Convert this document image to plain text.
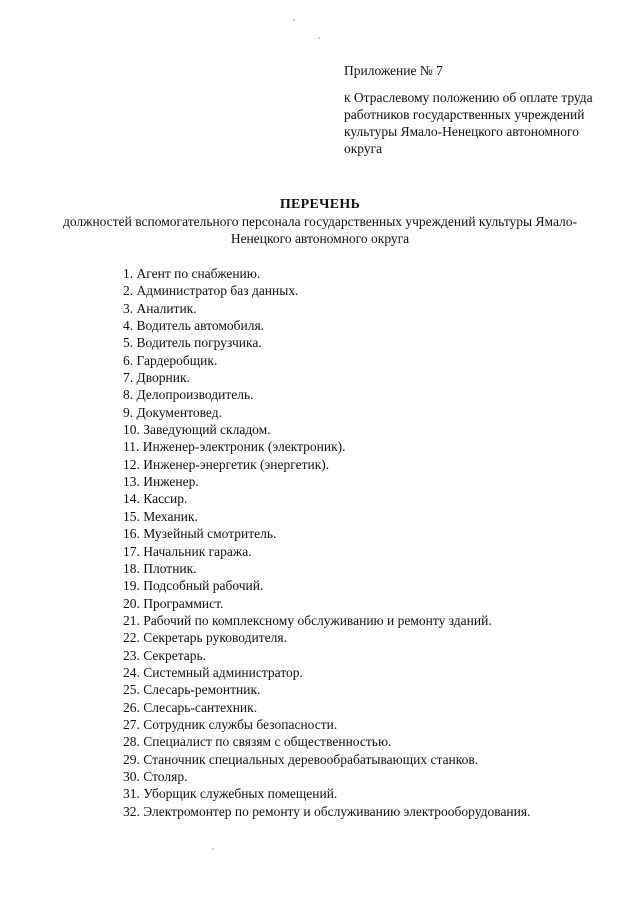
Приложение № 7

к Отраслевому положению об оплате труда работников государственных учреждений культуры Ямало-Ненецкого автономного округа

ПЕРЕЧЕНЬ
должностей вспомогательного персонала государственных учреждений культуры Ямало-Ненецкого автономного округа
1. Агент по снабжению.
2. Администратор баз данных.
3. Аналитик.
4. Водитель автомобиля.
5. Водитель погрузчика.
6. Гардеробщик.
7. Дворник.
8. Делопроизводитель.
9. Документовед.
10. Заведующий складом.
11. Инженер-электроник (электроник).
12. Инженер-энергетик (энергетик).
13. Инженер.
14. Кассир.
15. Механик.
16. Музейный смотритель.
17. Начальник гаража.
18. Плотник.
19. Подсобный рабочий.
20. Программист.
21. Рабочий по комплексному обслуживанию и ремонту зданий.
22. Секретарь руководителя.
23. Секретарь.
24. Системный администратор.
25. Слесарь-ремонтник.
26. Слесарь-сантехник.
27. Сотрудник службы безопасности.
28. Специалист по связям с общественностью.
29. Станочник специальных деревообрабатывающих станков.
30. Столяр.
31. Уборщик служебных помещений.
32. Электромонтер по ремонту и обслуживанию электрооборудования.
